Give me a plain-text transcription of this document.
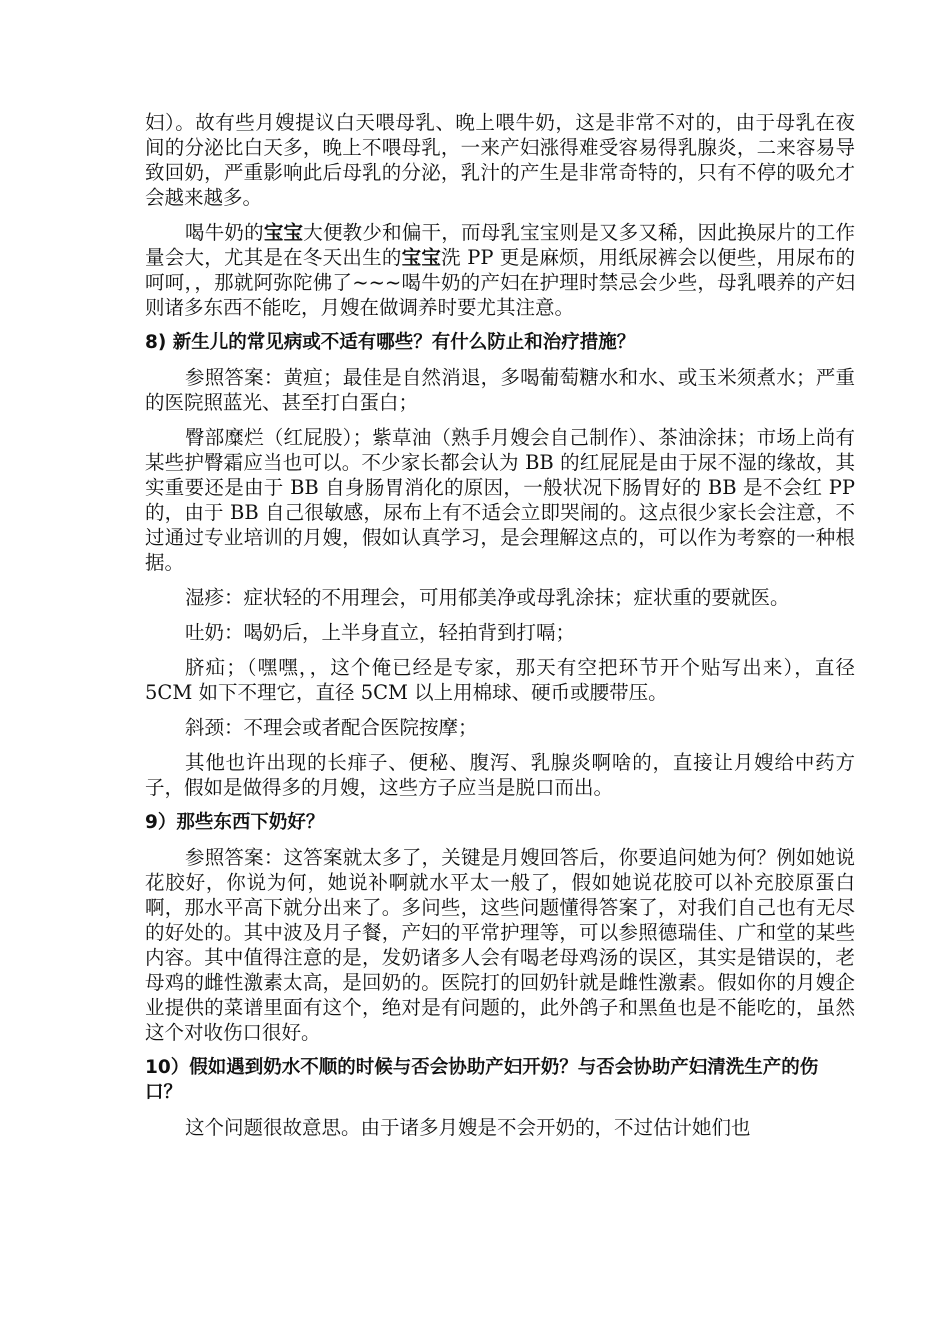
妇）。故有些月嫂提议白天喂母乳、晚上喂牛奶，这是非常不对的，由于母乳在夜间的分泌比白天多，晚上不喂母乳，一来产妇涨得难受容易得乳腺炎，二来容易导致回奶，严重影响此后母乳的分泌，乳汁的产生是非常奇特的，只有不停的吸允才会越来越多。

喝牛奶的宝宝大便教少和偏干，而母乳宝宝则是又多又稀，因此换尿片的工作量会大，尤其是在冬天出生的宝宝洗 PP 更是麻烦，用纸尿裤会以便些，用尿布的呵呵，，那就阿弥陀佛了~~~喝牛奶的产妇在护理时禁忌会少些，母乳喂养的产妇则诸多东西不能吃，月嫂在做调养时要尤其注意。

8) 新生儿的常见病或不适有哪些？有什么防止和治疗措施？

参照答案：黄疸；最佳是自然消退，多喝葡萄糖水和水、或玉米须煮水；严重的医院照蓝光、甚至打白蛋白；

臀部糜烂（红屁股）；紫草油（熟手月嫂会自己制作）、茶油涂抹；市场上尚有某些护臀霜应当也可以。不少家长都会认为 BB 的红屁屁是由于尿不湿的缘故，其实重要还是由于 BB 自身肠胃消化的原因，一般状况下肠胃好的 BB 是不会红 PP 的，由于 BB 自己很敏感，尿布上有不适会立即哭闹的。这点很少家长会注意，不过通过专业培训的月嫂，假如认真学习，是会理解这点的，可以作为考察的一种根据。

湿疹：症状轻的不用理会，可用郁美净或母乳涂抹；症状重的要就医。

吐奶：喝奶后，上半身直立，轻拍背到打嗝；

脐疝；（嘿嘿，，这个俺已经是专家，那天有空把环节开个贴写出来），直径 5CM 如下不理它，直径 5CM 以上用棉球、硬币或腰带压。

斜颈：不理会或者配合医院按摩；

其他也许出现的长痱子、便秘、腹泻、乳腺炎啊啥的，直接让月嫂给中药方子，假如是做得多的月嫂，这些方子应当是脱口而出。

9）那些东西下奶好？

参照答案：这答案就太多了，关键是月嫂回答后，你要追问她为何？例如她说花胶好，你说为何，她说补啊就水平太一般了，假如她说花胶可以补充胶原蛋白啊，那水平高下就分出来了。多问些，这些问题懂得答案了，对我们自己也有无尽的好处的。其中波及月子餐，产妇的平常护理等，可以参照德瑞佳、广和堂的某些内容。其中值得注意的是，发奶诸多人会有喝老母鸡汤的误区，其实是错误的，老母鸡的雌性激素太高，是回奶的。医院打的回奶针就是雌性激素。假如你的月嫂企业提供的菜谱里面有这个，绝对是有问题的，此外鸽子和黑鱼也是不能吃的，虽然这个对收伤口很好。

10）假如遇到奶水不顺的时候与否会协助产妇开奶？与否会协助产妇清洗生产的伤口？

这个问题很故意思。由于诸多月嫂是不会开奶的，不过估计她们也
